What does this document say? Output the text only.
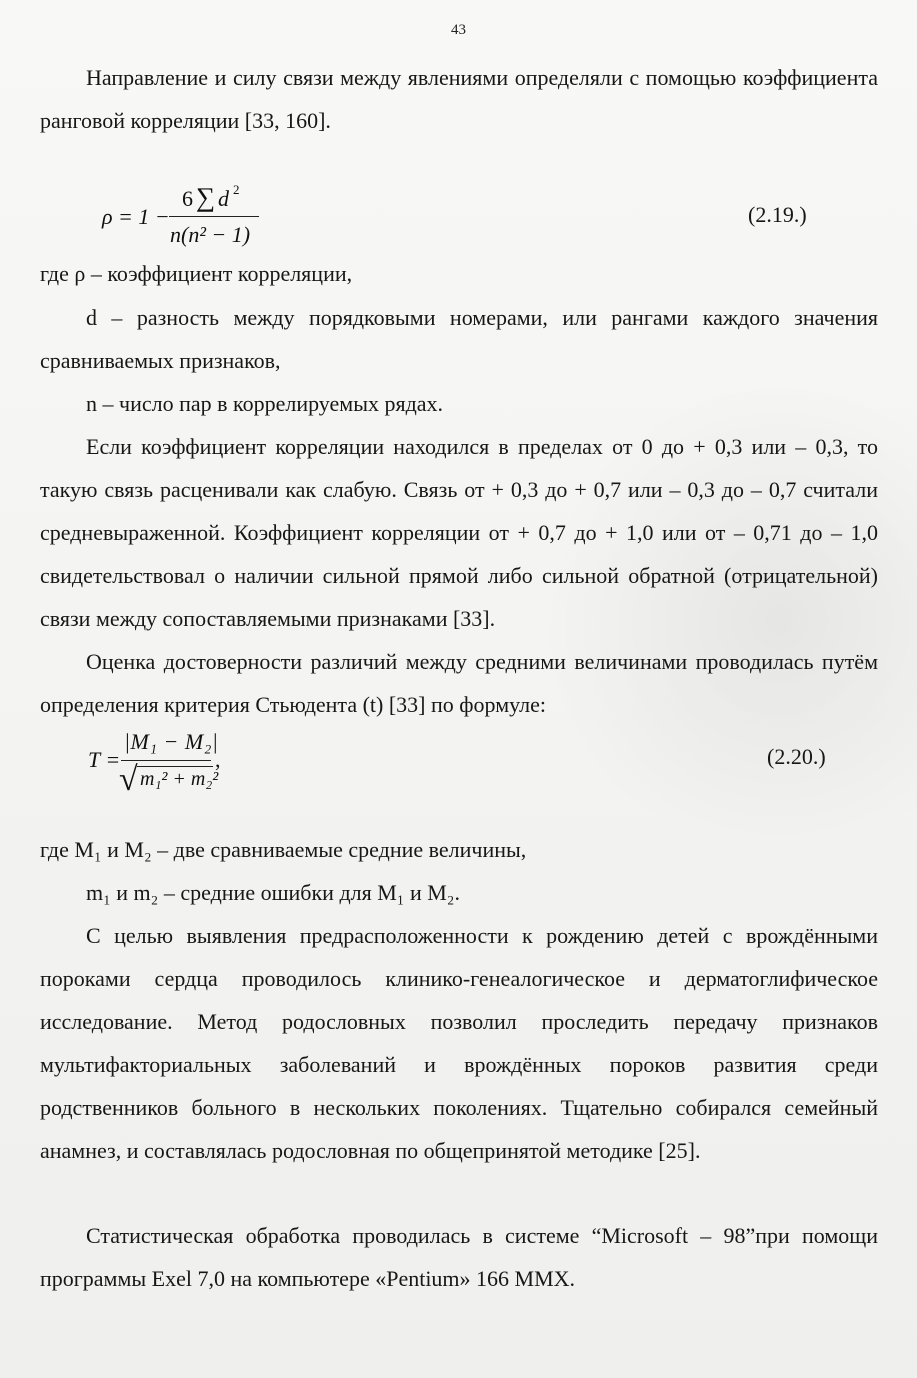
43
Направление и силу связи между явлениями определяли с помощью коэффициента ранговой корреляции [33, 160].
ρ = 1 −
6 ∑ d 2
n(n² − 1)
(2.19.)
где ρ – коэффициент корреляции,
d – разность между порядковыми номерами, или рангами каждого значения сравниваемых признаков,
n – число пар в коррелируемых рядах.
Если коэффициент корреляции находился в пределах от 0 до + 0,3 или – 0,3, то такую связь расценивали как слабую. Связь от + 0,3 до + 0,7 или – 0,3 до – 0,7 считали средневыраженной. Коэффициент корреляции от + 0,7 до + 1,0 или от – 0,71 до – 1,0 свидетельствовал о наличии сильной прямой либо сильной обратной (отрицательной) связи между сопоставляемыми признаками [33].
Оценка достоверности различий между средними величинами проводилась путём определения критерия Стьюдента (t) [33] по формуле:
T =
|M₁ − M₂|
√ m₁² + m₂²
,	(2.20.)
где M₁ и M₂ – две сравниваемые средние величины,
m₁ и m₂ – средние ошибки для M₁ и M₂.
С целью выявления предрасположенности к рождению детей с врождёнными пороками сердца проводилось клинико-генеалогическое и дерматоглифическое исследование. Метод родословных позволил проследить передачу признаков мультифакториальных заболеваний и врождённых пороков развития среди родственников больного в нескольких поколениях. Тщательно собирался семейный анамнез, и составлялась родословная по общепринятой методике [25].
Статистическая обработка проводилась в системе “Microsoft – 98”при помощи программы Exel 7,0 на компьютере «Pentium» 166 MMX.
